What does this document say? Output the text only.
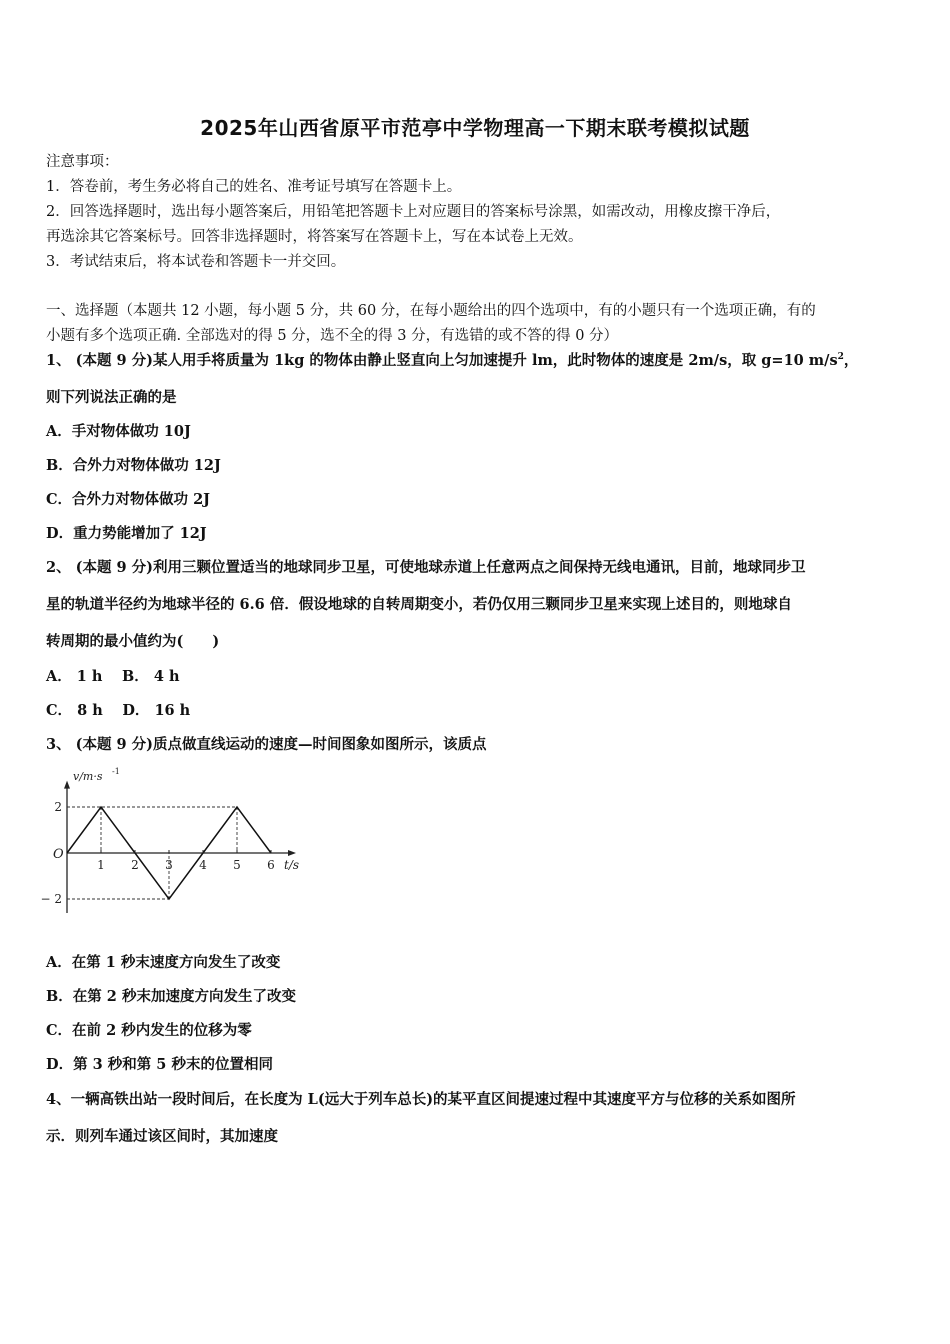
2025年山西省原平市范亭中学物理高一下期末联考模拟试题
注意事项：
1．答卷前，考生务必将自己的姓名、准考证号填写在答题卡上。
2．回答选择题时，选出每小题答案后，用铅笔把答题卡上对应题目的答案标号涂黑，如需改动，用橡皮擦干净后，
再选涂其它答案标号。回答非选择题时，将答案写在答题卡上，写在本试卷上无效。
3．考试结束后，将本试卷和答题卡一并交回。
一、选择题（本题共 12 小题，每小题 5 分，共 60 分，在每小题给出的四个选项中，有的小题只有一个选项正确，有的
小题有多个选项正确. 全部选对的得 5 分，选不全的得 3 分，有选错的或不答的得 0 分）
1、 (本题 9 分)某人用手将质量为 1kg 的物体由静止竖直向上匀加速提升 lm，此时物体的速度是 2m/s，取 g=10 $m/s^2$，
则下列说法正确的是
A．手对物体做功 10J
B．合外力对物体做功 12J
C．合外力对物体做功 2J
D．重力势能增加了 12J
2、 (本题 9 分)利用三颗位置适当的地球同步卫星，可使地球赤道上任意两点之间保持无线电通讯，目前，地球同步卫
星的轨道半径约为地球半径的 6.6 倍．假设地球的自转周期变小，若仍仅用三颗同步卫星来实现上述目的，则地球自
转周期的最小值约为(　　)
A． 1 h　 B． 4 h
C． 8 h　 D． 16 h
3、 (本题 9 分)质点做直线运动的速度—时间图象如图所示，该质点
1 2 3 4 5 6
2
− 2
O
v/m·s -1
t/s
A．在第 1 秒末速度方向发生了改变
B．在第 2 秒末加速度方向发生了改变
C．在前 2 秒内发生的位移为零
D．第 3 秒和第 5 秒末的位置相同
4、一辆高铁出站一段时间后，在长度为 L(远大于列车总长)的某平直区间提速过程中其速度平方与位移的关系如图所
示．则列车通过该区间时，其加速度
